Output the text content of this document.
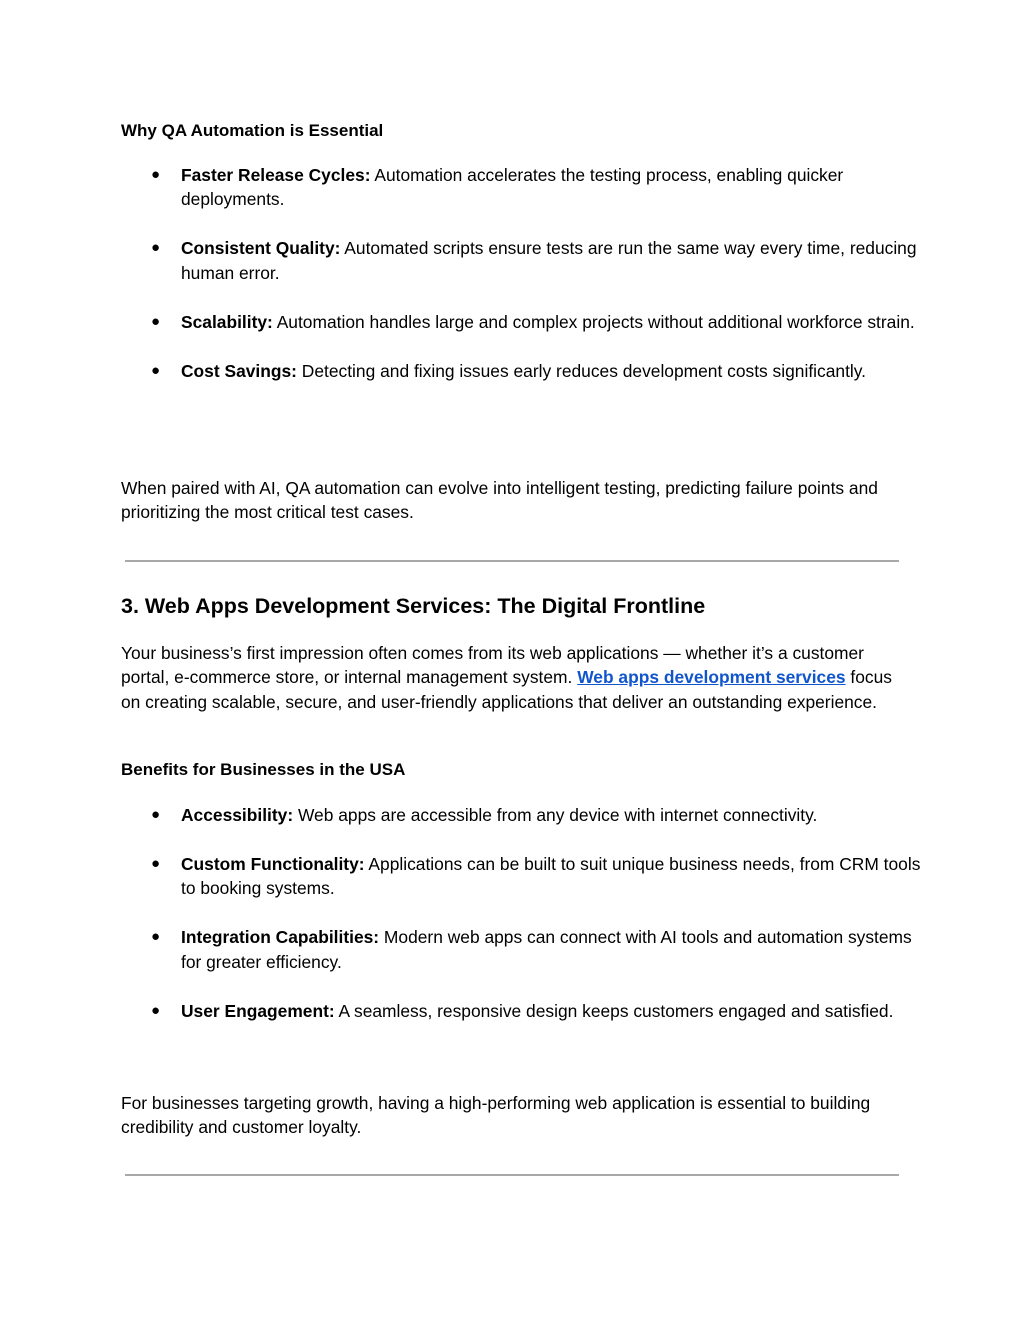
Why QA Automation is Essential

● Faster Release Cycles: Automation accelerates the testing process, enabling quicker deployments.
● Consistent Quality: Automated scripts ensure tests are run the same way every time, reducing human error.
● Scalability: Automation handles large and complex projects without additional workforce strain.
● Cost Savings: Detecting and fixing issues early reduces development costs significantly.

When paired with AI, QA automation can evolve into intelligent testing, predicting failure points and prioritizing the most critical test cases.

3. Web Apps Development Services: The Digital Frontline

Your business’s first impression often comes from its web applications — whether it’s a customer portal, e-commerce store, or internal management system. Web apps development services focus on creating scalable, secure, and user-friendly applications that deliver an outstanding experience.

Benefits for Businesses in the USA

● Accessibility: Web apps are accessible from any device with internet connectivity.
● Custom Functionality: Applications can be built to suit unique business needs, from CRM tools to booking systems.
● Integration Capabilities: Modern web apps can connect with AI tools and automation systems for greater efficiency.
● User Engagement: A seamless, responsive design keeps customers engaged and satisfied.

For businesses targeting growth, having a high-performing web application is essential to building credibility and customer loyalty.
